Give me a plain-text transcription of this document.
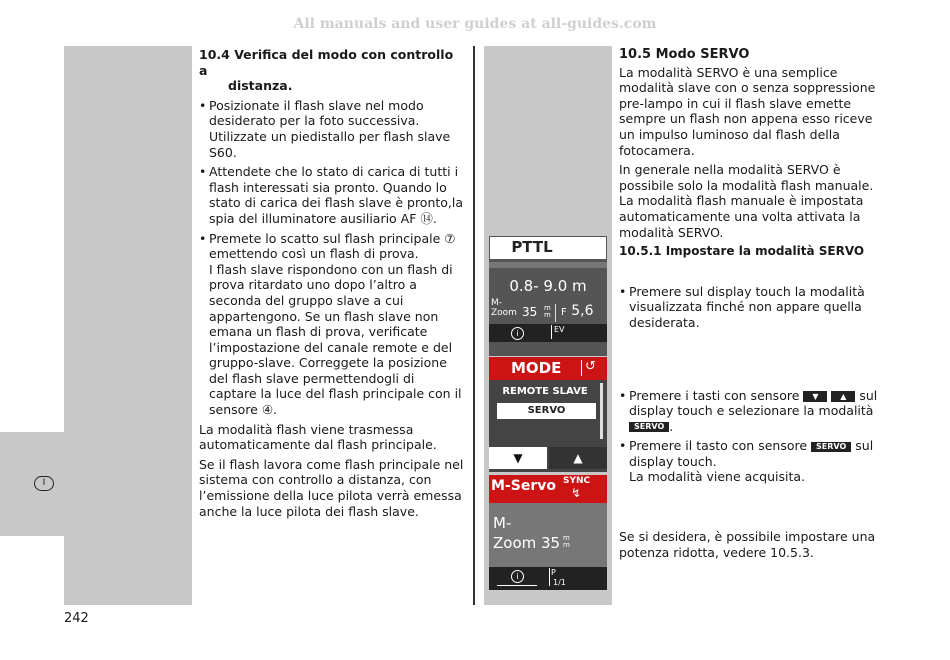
All manuals and user guides at all-guides.com
I
242

10.4 Verifica del modo con controllo a
distanza.

• Posizionate il flash slave nel modo desiderato per la foto successiva. Utilizzate un piedistallo per flash slave S60.
• Attendete che lo stato di carica di tutti i flash interessati sia pronto. Quando lo stato di carica dei flash slave è pronto,la spia del illuminatore ausiliario AF ⑭.
• Premete lo scatto sul flash principale ⑦ emettendo così un flash di prova.
I flash slave rispondono con un flash di prova ritardato uno dopo l’altro a seconda del gruppo slave a cui appartengono. Se un flash slave non emana un flash di prova, verificate l’impostazione del canale remote e del gruppo-slave. Correggete la posizione del flash slave permettendogli di captare la luce del flash principale con il sensore ④.

La modalità flash viene trasmessa automaticamente dal flash principale.

Se il flash lavora come flash principale nel sistema con controllo a distanza, con l’emissione della luce pilota verrà emessa anche la luce pilota dei flash slave.

10.5 Modo SERVO

La modalità SERVO è una semplice modalità slave con o senza soppressione pre-lampo in cui il flash slave emette sempre un flash non appena esso riceve un impulso luminoso dal flash della fotocamera.

In generale nella modalità SERVO è possibile solo la modalità flash manuale. La modalità flash manuale è impostata automaticamente una volta attivata la modalità SERVO.

10.5.1 Impostare la modalità SERVO

• Premere sul display touch la modalità visualizzata finché non appare quella desiderata.
• Premere i tasti con sensore ▼	▲ sul display touch e selezionare la modalità SERVO .
• Premere il tasto con sensore SERVO sul display touch.
La modalità viene acquisita.

Se si desidera, è possibile impostare una potenza ridotta, vedere 10.5.3.

PTTL
0.8- 9.0 m
M-
Zoom 35 m
m F 5,6
i	EV
MODE ↺
REMOTE SLAVE
SERVO
▼	▲
M-Servo SYNC
↯
M-
Zoom 35 m
m
i	P
1/1
